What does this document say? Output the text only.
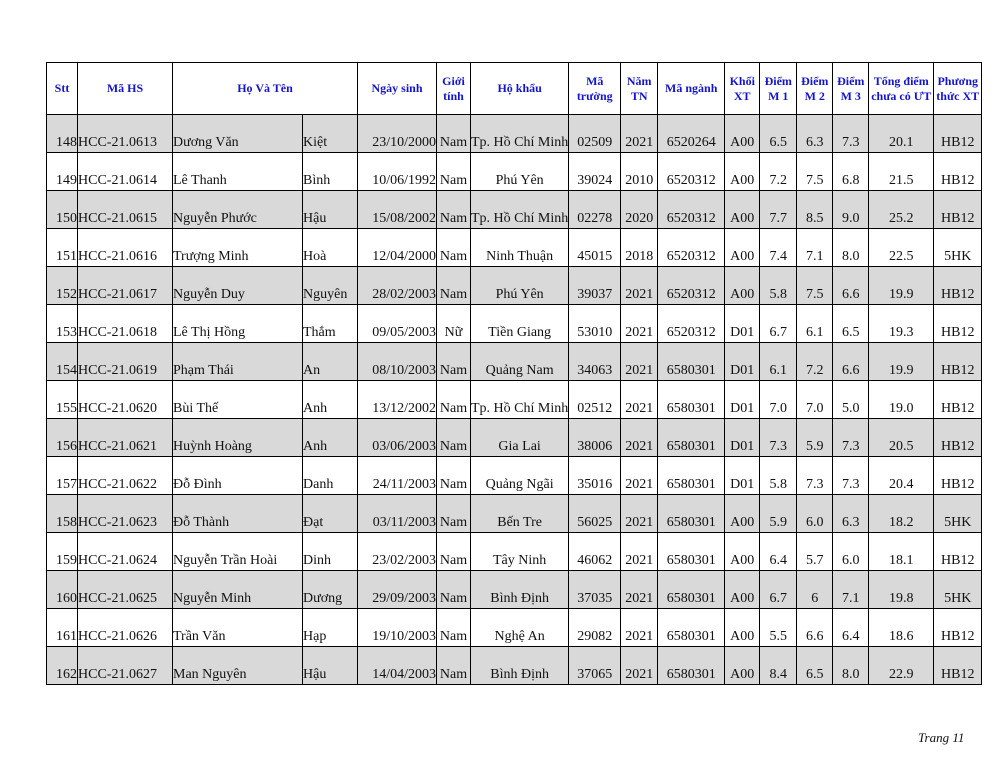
Stt	Mã HS	Họ Và Tên		Ngày sinh	Giới tính	Hộ khẩu	Mã trường	Năm TN	Mã ngành	Khối XT	Điểm M 1	Điểm M 2	Điểm M 3	Tổng điểm chưa có ƯT	Phương thức XT
148	HCC-21.0613	Dương Văn	Kiệt	23/10/2000	Nam	Tp. Hồ Chí Minh	02509	2021	6520264	A00	6.5	6.3	7.3	20.1	HB12
149	HCC-21.0614	Lê Thanh	Bình	10/06/1992	Nam	Phú Yên	39024	2010	6520312	A00	7.2	7.5	6.8	21.5	HB12
150	HCC-21.0615	Nguyễn Phước	Hậu	15/08/2002	Nam	Tp. Hồ Chí Minh	02278	2020	6520312	A00	7.7	8.5	9.0	25.2	HB12
151	HCC-21.0616	Trượng Minh	Hoà	12/04/2000	Nam	Ninh Thuận	45015	2018	6520312	A00	7.4	7.1	8.0	22.5	5HK
152	HCC-21.0617	Nguyễn Duy	Nguyên	28/02/2003	Nam	Phú Yên	39037	2021	6520312	A00	5.8	7.5	6.6	19.9	HB12
153	HCC-21.0618	Lê Thị Hồng	Thắm	09/05/2003	Nữ	Tiền Giang	53010	2021	6520312	D01	6.7	6.1	6.5	19.3	HB12
154	HCC-21.0619	Phạm Thái	An	08/10/2003	Nam	Quảng Nam	34063	2021	6580301	D01	6.1	7.2	6.6	19.9	HB12
155	HCC-21.0620	Bùi Thế	Anh	13/12/2002	Nam	Tp. Hồ Chí Minh	02512	2021	6580301	D01	7.0	7.0	5.0	19.0	HB12
156	HCC-21.0621	Huỳnh Hoàng	Anh	03/06/2003	Nam	Gia Lai	38006	2021	6580301	D01	7.3	5.9	7.3	20.5	HB12
157	HCC-21.0622	Đỗ Đình	Danh	24/11/2003	Nam	Quảng Ngãi	35016	2021	6580301	D01	5.8	7.3	7.3	20.4	HB12
158	HCC-21.0623	Đỗ Thành	Đạt	03/11/2003	Nam	Bến Tre	56025	2021	6580301	A00	5.9	6.0	6.3	18.2	5HK
159	HCC-21.0624	Nguyễn Trần Hoài	Dinh	23/02/2003	Nam	Tây Ninh	46062	2021	6580301	A00	6.4	5.7	6.0	18.1	HB12
160	HCC-21.0625	Nguyễn Minh	Dương	29/09/2003	Nam	Bình Định	37035	2021	6580301	A00	6.7	6	7.1	19.8	5HK
161	HCC-21.0626	Trần Văn	Hạp	19/10/2003	Nam	Nghệ An	29082	2021	6580301	A00	5.5	6.6	6.4	18.6	HB12
162	HCC-21.0627	Man Nguyên	Hậu	14/04/2003	Nam	Bình Định	37065	2021	6580301	A00	8.4	6.5	8.0	22.9	HB12
Trang 11
